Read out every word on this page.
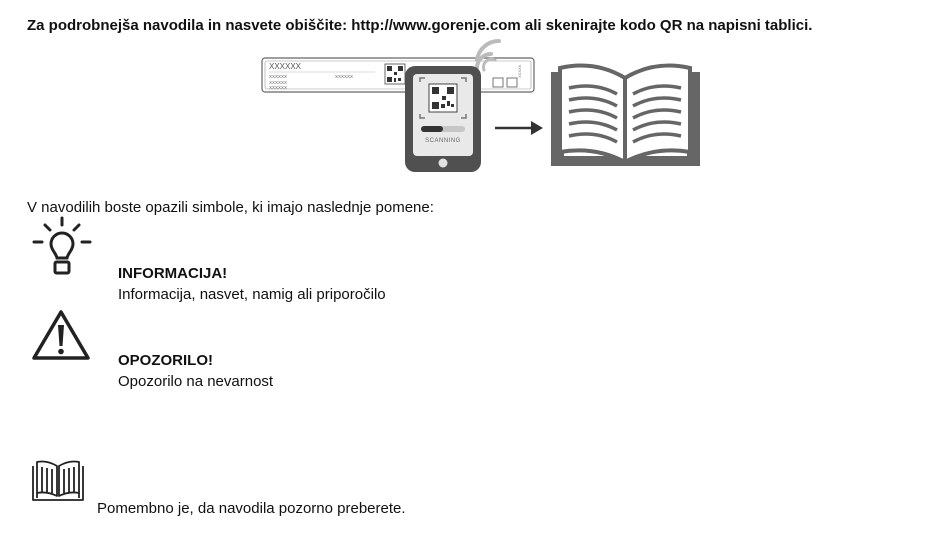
Za podrobnejša navodila in nasvete obiščite: http://www.gorenje.com ali skenirajte kodo QR na napisni tablici.
XXXXXX
XXXXXX	XXXXXX
XXXXXX
XXXXXX
XXXXX
SCANNING
V navodilih boste opazili simbole, ki imajo naslednje pomene:
INFORMACIJA!
Informacija, nasvet, namig ali priporočilo
OPOZORILO!
Opozorilo na nevarnost
Pomembno je, da navodila pozorno preberete.
